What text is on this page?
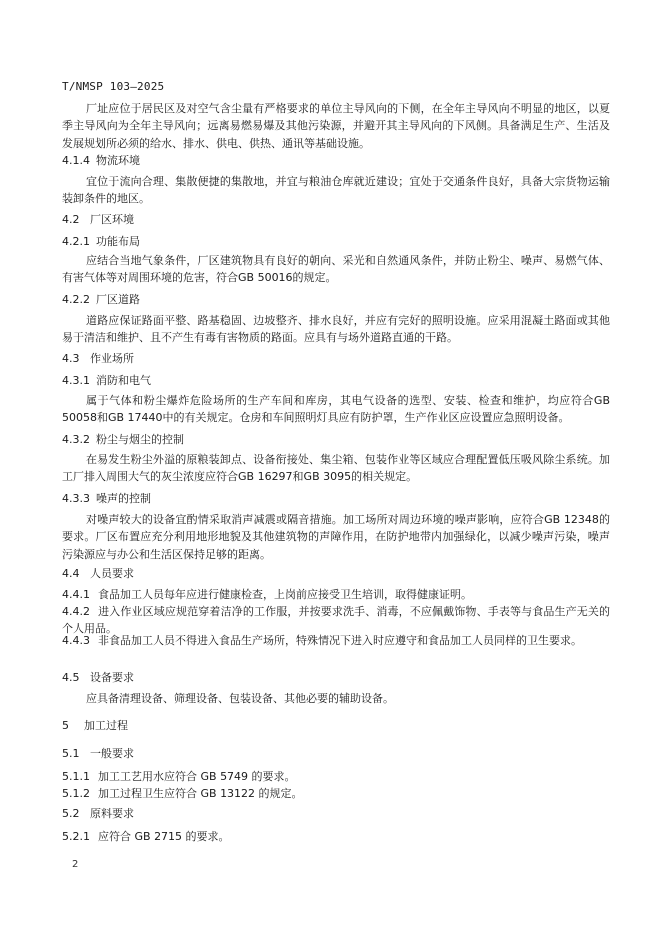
T/NMSP 103—2025

厂址应位于居民区及对空气含尘量有严格要求的单位主导风向的下侧，在全年主导风向不明显的地区，以夏季主导风向为全年主导风向；远离易燃易爆及其他污染源，并避开其主导风向的下风侧。具备满足生产、生活及发展规划所必须的给水、排水、供电、供热、通讯等基础设施。

4.1.4 物流环境

宜位于流向合理、集散便捷的集散地，并宜与粮油仓库就近建设；宜处于交通条件良好，具备大宗货物运输装卸条件的地区。

4.2 厂区环境

4.2.1 功能布局

应结合当地气象条件，厂区建筑物具有良好的朝向、采光和自然通风条件，并防止粉尘、噪声、易燃气体、有害气体等对周围环境的危害，符合GB 50016的规定。

4.2.2 厂区道路

道路应保证路面平整、路基稳固、边坡整齐、排水良好，并应有完好的照明设施。应采用混凝土路面或其他易于清洁和维护、且不产生有毒有害物质的路面。应具有与场外道路直通的干路。

4.3 作业场所

4.3.1 消防和电气

属于气体和粉尘爆炸危险场所的生产车间和库房，其电气设备的选型、安装、检查和维护，均应符合GB 50058和GB 17440中的有关规定。仓房和车间照明灯具应有防护罩，生产作业区应设置应急照明设备。

4.3.2 粉尘与烟尘的控制

在易发生粉尘外溢的原粮装卸点、设备衔接处、集尘箱、包装作业等区域应合理配置低压吸风除尘系统。加工厂排入周围大气的灰尘浓度应符合GB 16297和GB 3095的相关规定。

4.3.3 噪声的控制

对噪声较大的设备宜酌情采取消声减震或隔音措施。加工场所对周边环境的噪声影响，应符合GB 12348的要求。厂区布置应充分利用地形地貌及其他建筑物的声障作用，在防护地带内加强绿化，以减少噪声污染，噪声污染源应与办公和生活区保持足够的距离。

4.4 人员要求

4.4.1 食品加工人员每年应进行健康检查，上岗前应接受卫生培训，取得健康证明。

4.4.2 进入作业区域应规范穿着洁净的工作服，并按要求洗手、消毒，不应佩戴饰物、手表等与食品生产无关的个人用品。

4.4.3 非食品加工人员不得进入食品生产场所，特殊情况下进入时应遵守和食品加工人员同样的卫生要求。

4.5 设备要求

应具备清理设备、筛理设备、包装设备、其他必要的辅助设备。

5 加工过程

5.1 一般要求

5.1.1 加工工艺用水应符合 GB 5749 的要求。

5.1.2 加工过程卫生应符合 GB 13122 的规定。

5.2 原料要求

5.2.1 应符合 GB 2715 的要求。

2
